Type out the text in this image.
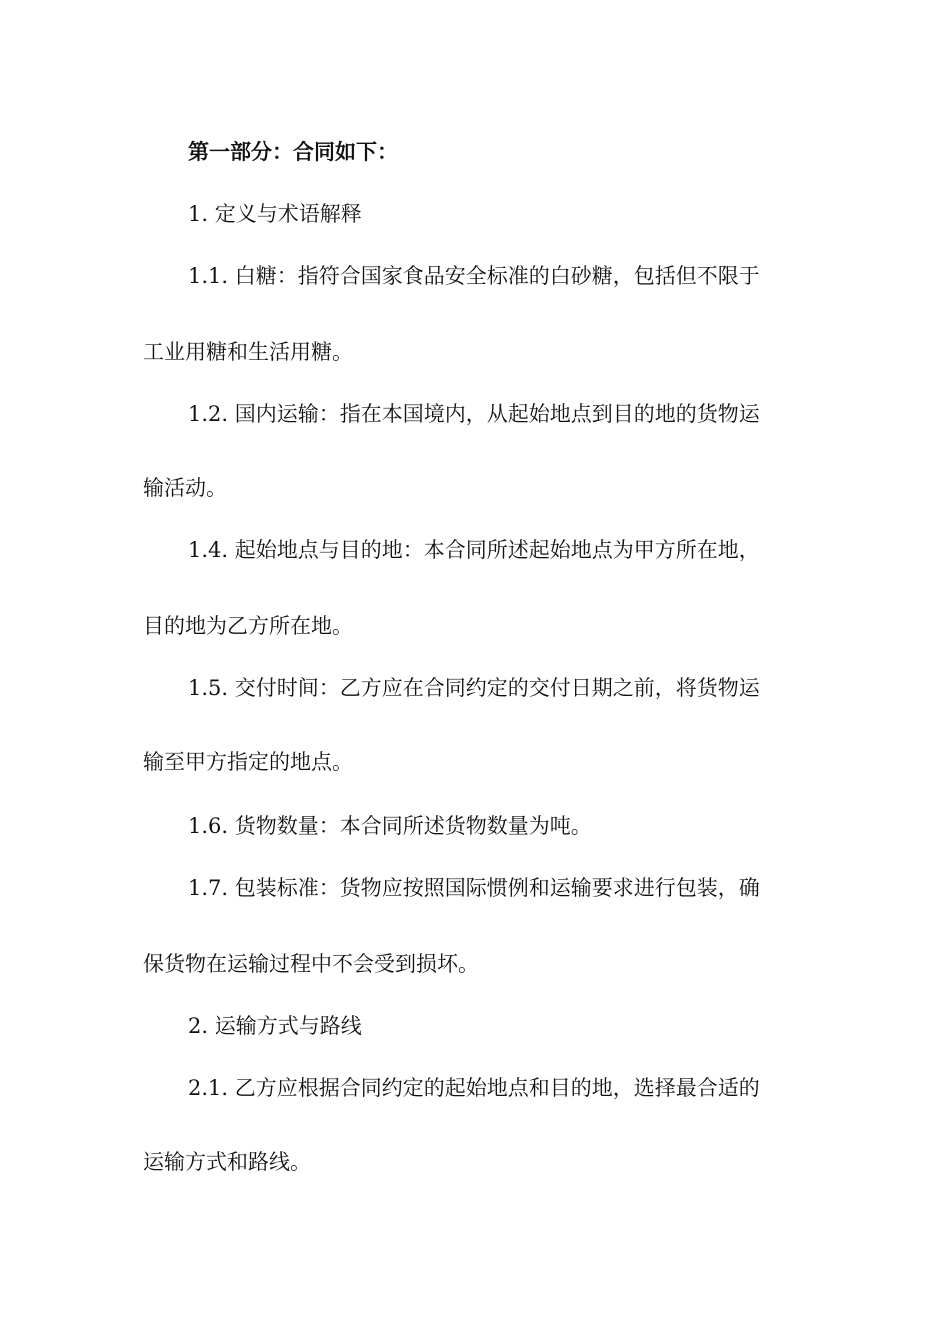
第一部分：合同如下：
1. 定义与术语解释
1.1. 白糖：指符合国家食品安全标准的白砂糖，包括但不限于
工业用糖和生活用糖。
1.2. 国内运输：指在本国境内，从起始地点到目的地的货物运
输活动。
1.4. 起始地点与目的地：本合同所述起始地点为甲方所在地，
目的地为乙方所在地。
1.5. 交付时间：乙方应在合同约定的交付日期之前，将货物运
输至甲方指定的地点。
1.6. 货物数量：本合同所述货物数量为吨。
1.7. 包装标准：货物应按照国际惯例和运输要求进行包装，确
保货物在运输过程中不会受到损坏。
2. 运输方式与路线
2.1. 乙方应根据合同约定的起始地点和目的地，选择最合适的
运输方式和路线。
